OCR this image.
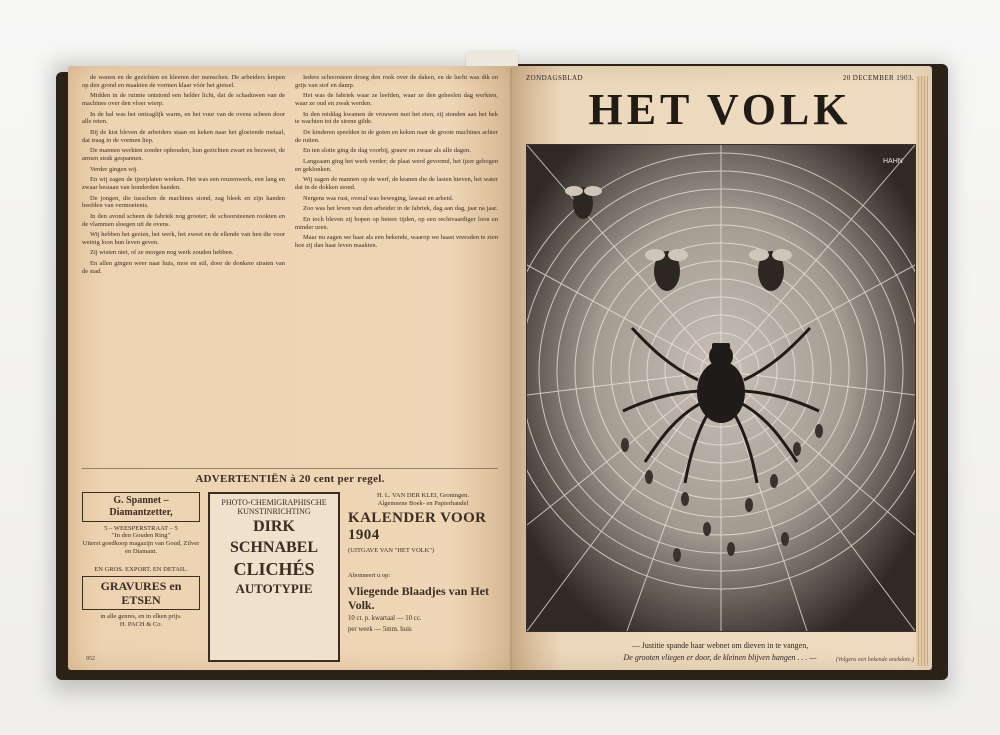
de wanen en de gezichten en kleeren der menschen. De arbeiders krepen op den grond en maakten de vormen klaar vóór het gietsel.

Midden in de ruimte ontstond een helder licht, dat de schaduwen van de machines over den vloer wierp.

In de hal was het ontzaglijk warm, en het vuur van de ovens scheen door alle reten.

Bij de kist bleven de arbeiders staan en keken naar het gloeiende metaal, dat traag in de vormen liep.

De mannen werkten zonder ophouden, hun gezichten zwart en bezweet, de armen strak gespannen.

Verder gingen wij.

En wij zagen de ijzerplaten werken. Het was een reuzenwerk, een lang en zwaar bestaan van honderden handen.

De jongen, die tusschen de machines stond, zag bleek en zijn handen beefden van vermoeienis.

In den avond scheen de fabriek nog grooter; de schoorsteenen rookten en de vlammen sloegen uit de ovens.

Wij hebben het gezien, het werk, het zweet en de ellende van hen die voor weinig loon hun leven geven.

Zij wisten niet, of ze morgen nog werk zouden hebben.

En allen gingen weer naar huis, moe en stil, door de donkere straten van de stad.

Iedere schoorsteen droeg den rook over de daken, en de lucht was dik en grijs van stof en damp.

Het was de fabriek waar ze leefden, waar ze den geheelen dag werkten, waar ze oud en zwak werden.

In den middag kwamen de vrouwen met het eten; zij stonden aan het hek te wachten tot de sirene gilde.

De kinderen speelden in de goten en keken naar de groote machines achter de ruiten.

En ten slotte ging de dag voorbij, grauw en zwaar als alle dagen.

Langzaam ging het werk verder; de plaat werd gevormd, het ijzer gebogen en geklonken.

Wij zagen de mannen op de werf, de kranen die de lasten hieven, het water dat in de dokken stond.

Nergens was rust, overal was beweging, lawaai en arbeid.

Zoo was het leven van den arbeider in de fabriek, dag aan dag, jaar na jaar.

En toch bleven zij hopen op betere tijden, op een rechtvaardiger loon en minder uren.

Maar nu zagen we haar als een bekende, waarop we haast vreesden te zien hoe zij dan haar leven maakten.

ADVERTENTIËN à 20 cent per regel.
G. Spannet – Diamantzetter,
5 – WEESPERSTRAAT – 5
"In den Gouden Ring"
Uiterst goedkoop magazijn van Goud, Zilver en Diamant.
EN GROS. EXPORT. EN DETAIL.
GRAVURES en ETSEN
in alle genres, en in elken prijs.
H. PACH & Co.
PHOTO-CHEMIGRAPHISCHE
KUNSTINRICHTING
DIRK
SCHNABEL
CLICHÉS
AUTOTYPIE
H. L. VAN DER KLEI, Groningen.
Algemeene Boek- en Papierhandel
KALENDER VOOR 1904
(UITGAVE VAN "HET VOLK")
Abonneert u op:
Vliegende Blaadjes van Het Volk.
10 ct. p. kwartaal — 10 cc.
per week — 5mm. huis
952
ZONDAGSBLAD	20 DECEMBER 1903.
HET VOLK
HAHN
— Justitie spande haar webnet om dieven in te vangen,
De grooten vliegen er door, de kleinen blijven hangen . . . —	(Volgens een bekende anekdote.)
